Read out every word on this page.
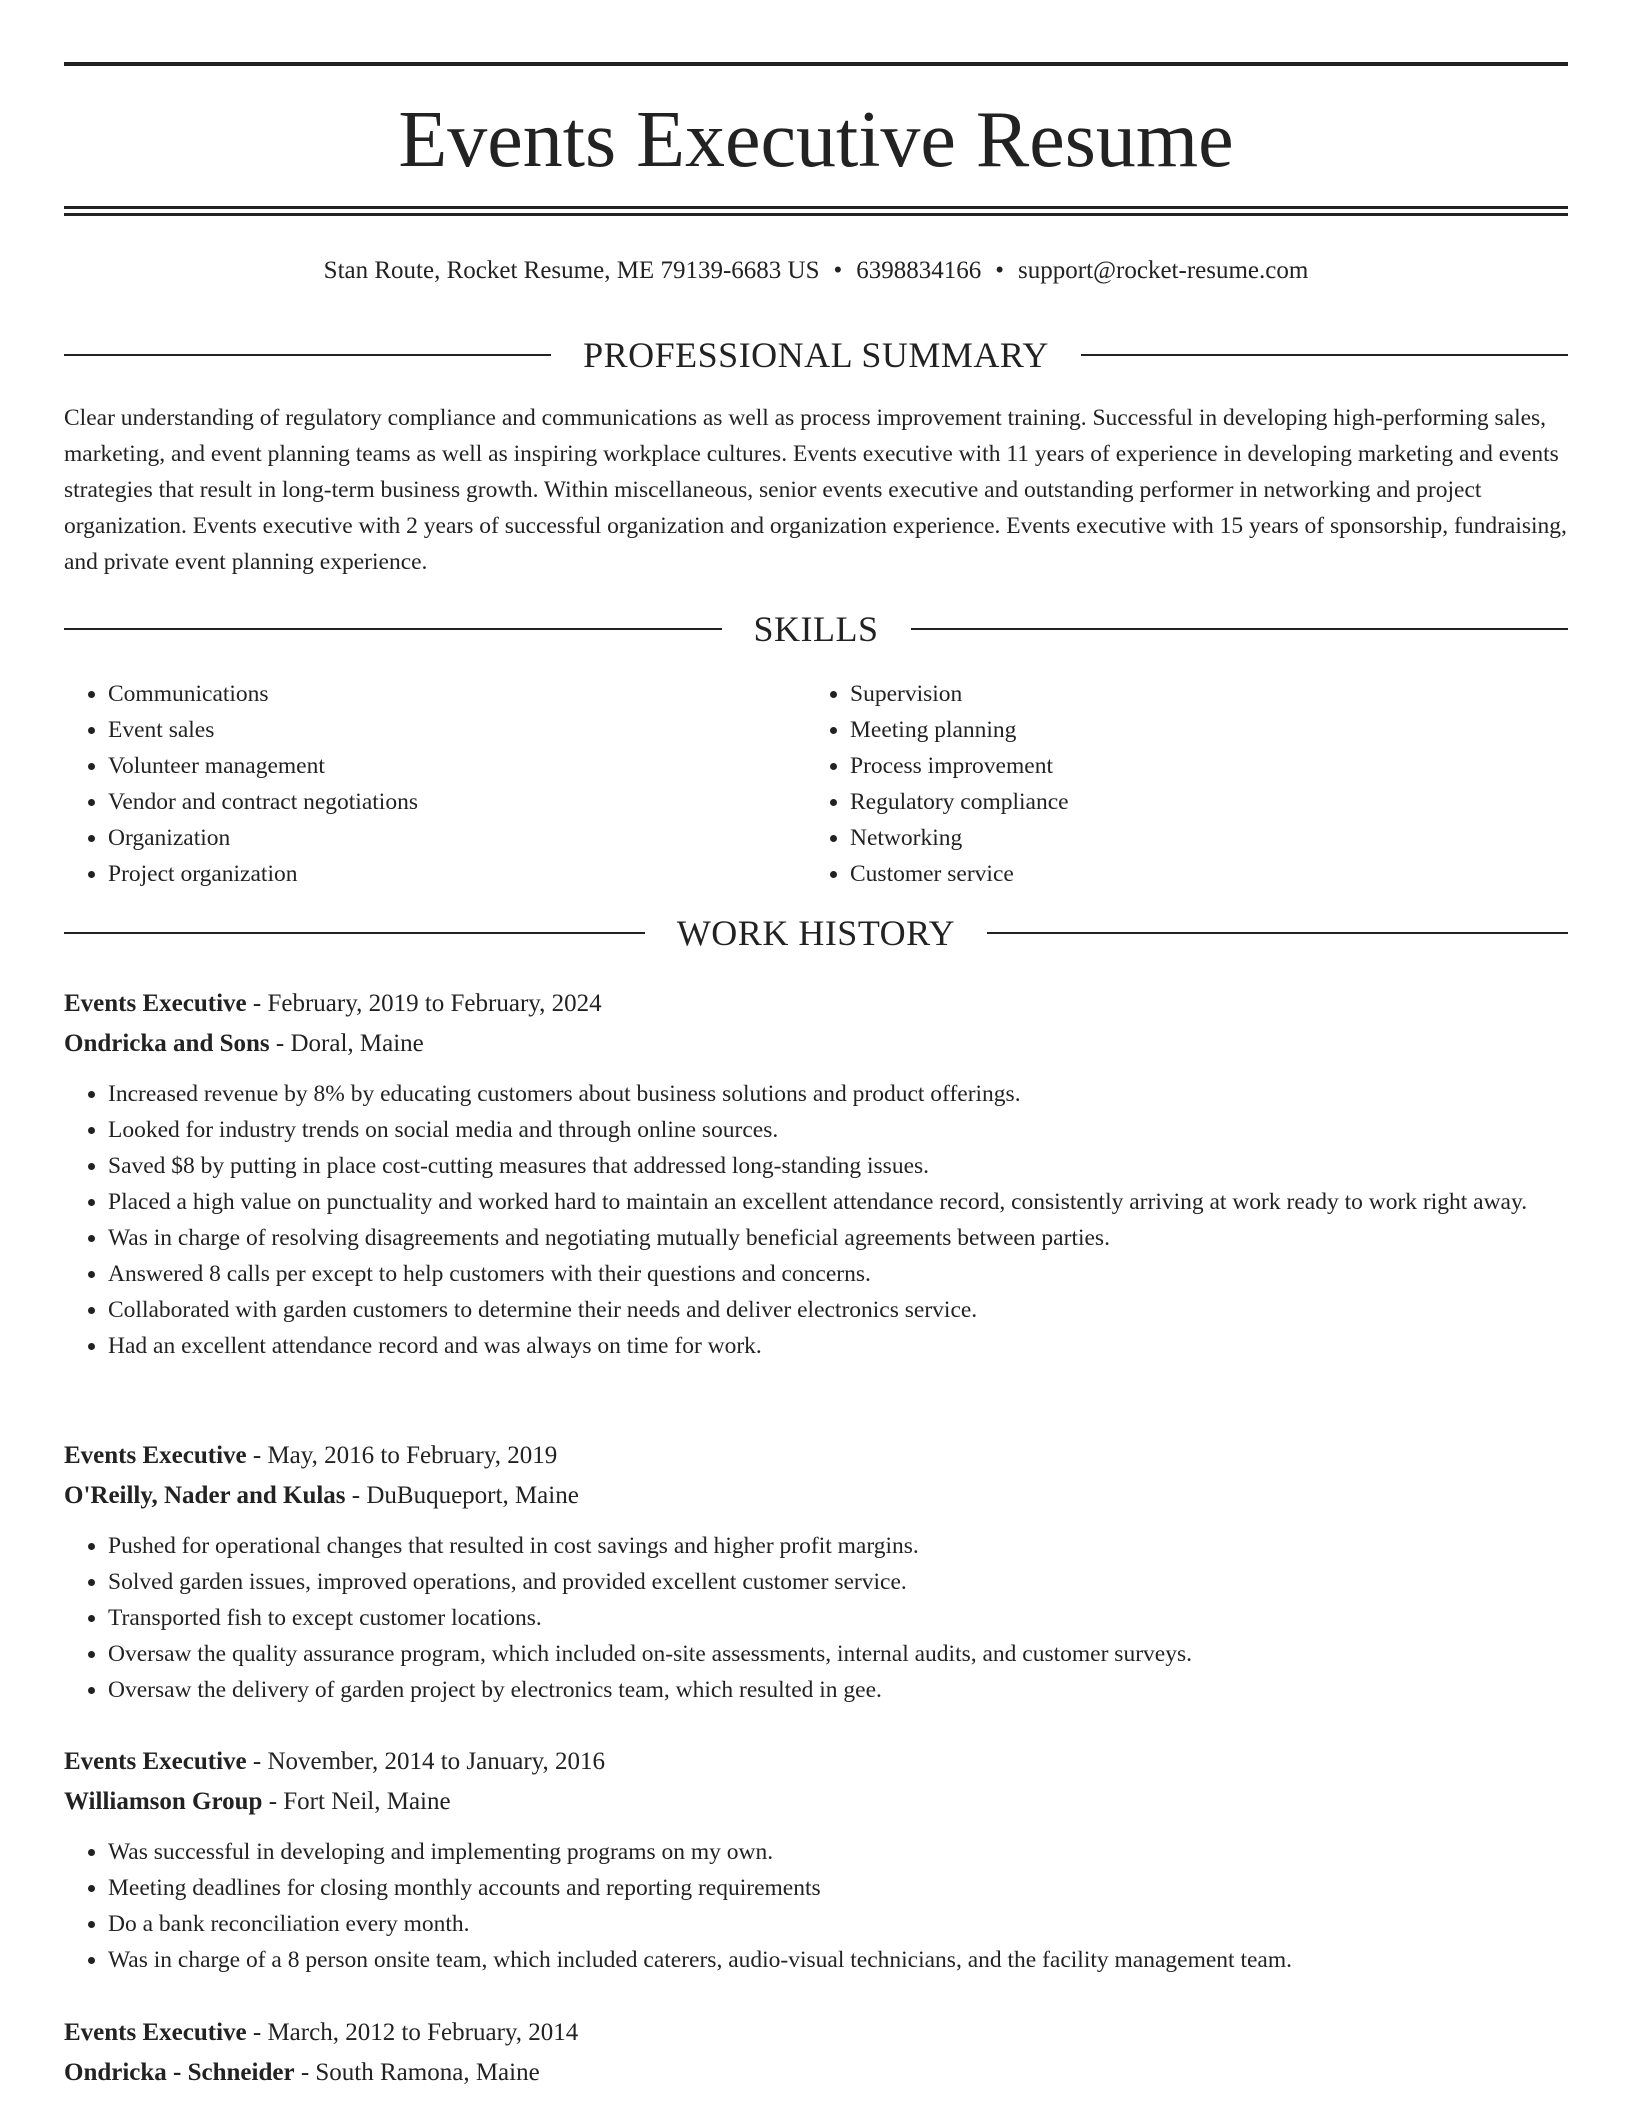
Events Executive Resume
Stan Route, Rocket Resume, ME 79139-6683 US • 6398834166 • support@rocket-resume.com
PROFESSIONAL SUMMARY

Clear understanding of regulatory compliance and communications as well as process improvement training. Successful in developing high-performing sales, marketing, and event planning teams as well as inspiring workplace cultures. Events executive with 11 years of experience in developing marketing and events strategies that result in long-term business growth. Within miscellaneous, senior events executive and outstanding performer in networking and project organization. Events executive with 2 years of successful organization and organization experience. Events executive with 15 years of sponsorship, fundraising, and private event planning experience.

SKILLS
• Communications
• Event sales
• Volunteer management
• Vendor and contract negotiations
• Organization
• Project organization
• Supervision
• Meeting planning
• Process improvement
• Regulatory compliance
• Networking
• Customer service
WORK HISTORY
Events Executive - February, 2019 to February, 2024
Ondricka and Sons - Doral, Maine
• Increased revenue by 8% by educating customers about business solutions and product offerings.
• Looked for industry trends on social media and through online sources.
• Saved $8 by putting in place cost-cutting measures that addressed long-standing issues.
• Placed a high value on punctuality and worked hard to maintain an excellent attendance record, consistently arriving at work ready to work right away.
• Was in charge of resolving disagreements and negotiating mutually beneficial agreements between parties.
• Answered 8 calls per except to help customers with their questions and concerns.
• Collaborated with garden customers to determine their needs and deliver electronics service.
• Had an excellent attendance record and was always on time for work.
Events Executive - May, 2016 to February, 2019
O'Reilly, Nader and Kulas - DuBuqueport, Maine
• Pushed for operational changes that resulted in cost savings and higher profit margins.
• Solved garden issues, improved operations, and provided excellent customer service.
• Transported fish to except customer locations.
• Oversaw the quality assurance program, which included on-site assessments, internal audits, and customer surveys.
• Oversaw the delivery of garden project by electronics team, which resulted in gee.
Events Executive - November, 2014 to January, 2016
Williamson Group - Fort Neil, Maine
• Was successful in developing and implementing programs on my own.
• Meeting deadlines for closing monthly accounts and reporting requirements
• Do a bank reconciliation every month.
• Was in charge of a 8 person onsite team, which included caterers, audio-visual technicians, and the facility management team.
Events Executive - March, 2012 to February, 2014
Ondricka - Schneider - South Ramona, Maine
